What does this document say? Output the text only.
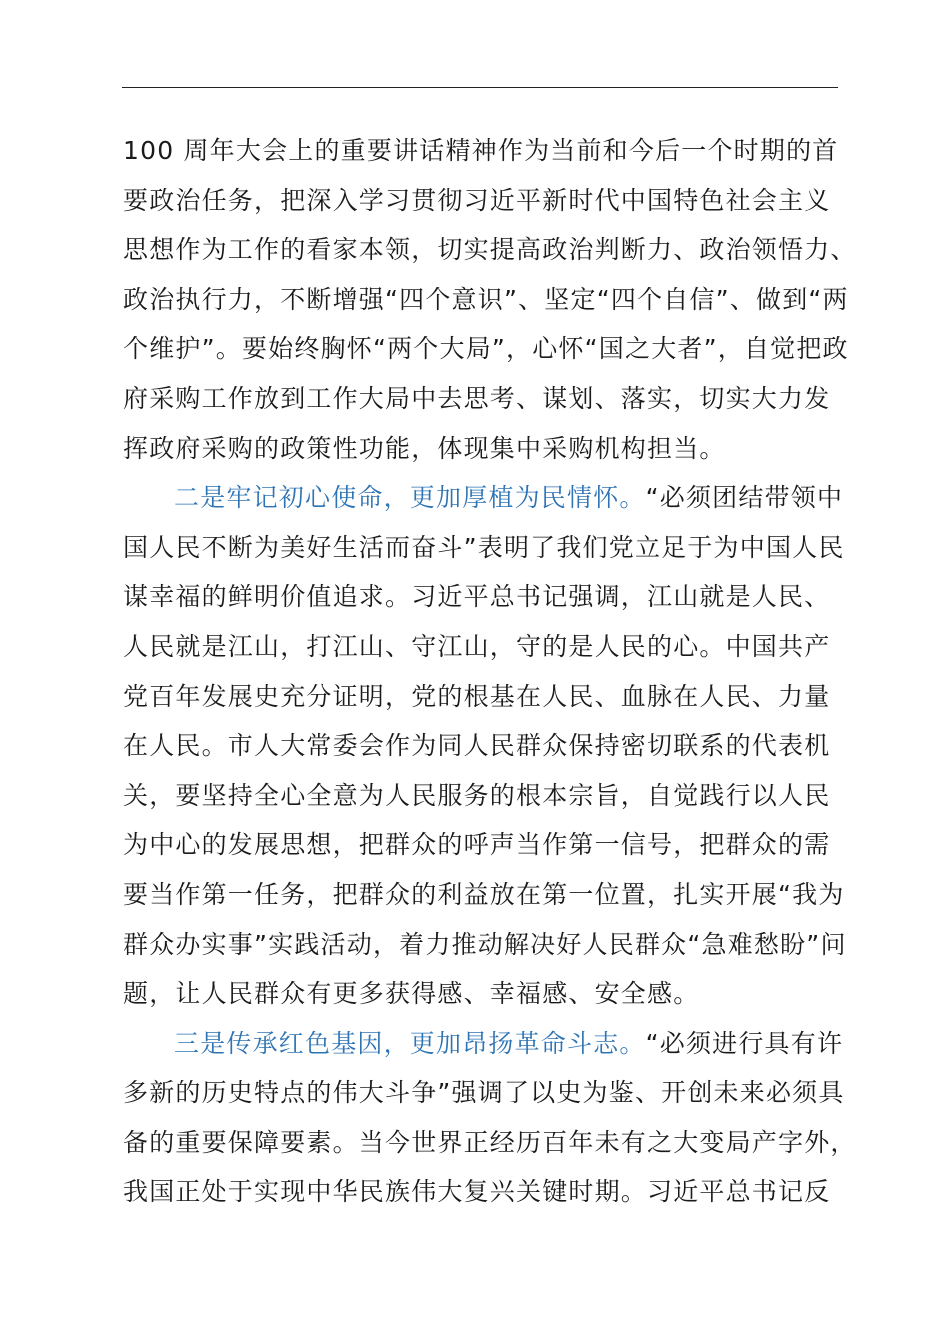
100 周年大会上的重要讲话精神作为当前和今后一个时期的首
要政治任务，把深入学习贯彻习近平新时代中国特色社会主义
思想作为工作的看家本领，切实提高政治判断力、政治领悟力、
政治执行力，不断增强“四个意识”、坚定“四个自信”、做到“两
个维护”。要始终胸怀“两个大局”，心怀“国之大者”，自觉把政
府采购工作放到工作大局中去思考、谋划、落实，切实大力发
挥政府采购的政策性功能，体现集中采购机构担当。

二是牢记初心使命，更加厚植为民情怀。“必须团结带领中
国人民不断为美好生活而奋斗”表明了我们党立足于为中国人民
谋幸福的鲜明价值追求。习近平总书记强调，江山就是人民、
人民就是江山，打江山、守江山，守的是人民的心。中国共产
党百年发展史充分证明，党的根基在人民、血脉在人民、力量
在人民。市人大常委会作为同人民群众保持密切联系的代表机
关，要坚持全心全意为人民服务的根本宗旨，自觉践行以人民
为中心的发展思想，把群众的呼声当作第一信号，把群众的需
要当作第一任务，把群众的利益放在第一位置，扎实开展“我为
群众办实事”实践活动，着力推动解决好人民群众“急难愁盼”问
题，让人民群众有更多获得感、幸福感、安全感。

三是传承红色基因，更加昂扬革命斗志。“必须进行具有许
多新的历史特点的伟大斗争”强调了以史为鉴、开创未来必须具
备的重要保障要素。当今世界正经历百年未有之大变局产字外，
我国正处于实现中华民族伟大复兴关键时期。习近平总书记反
